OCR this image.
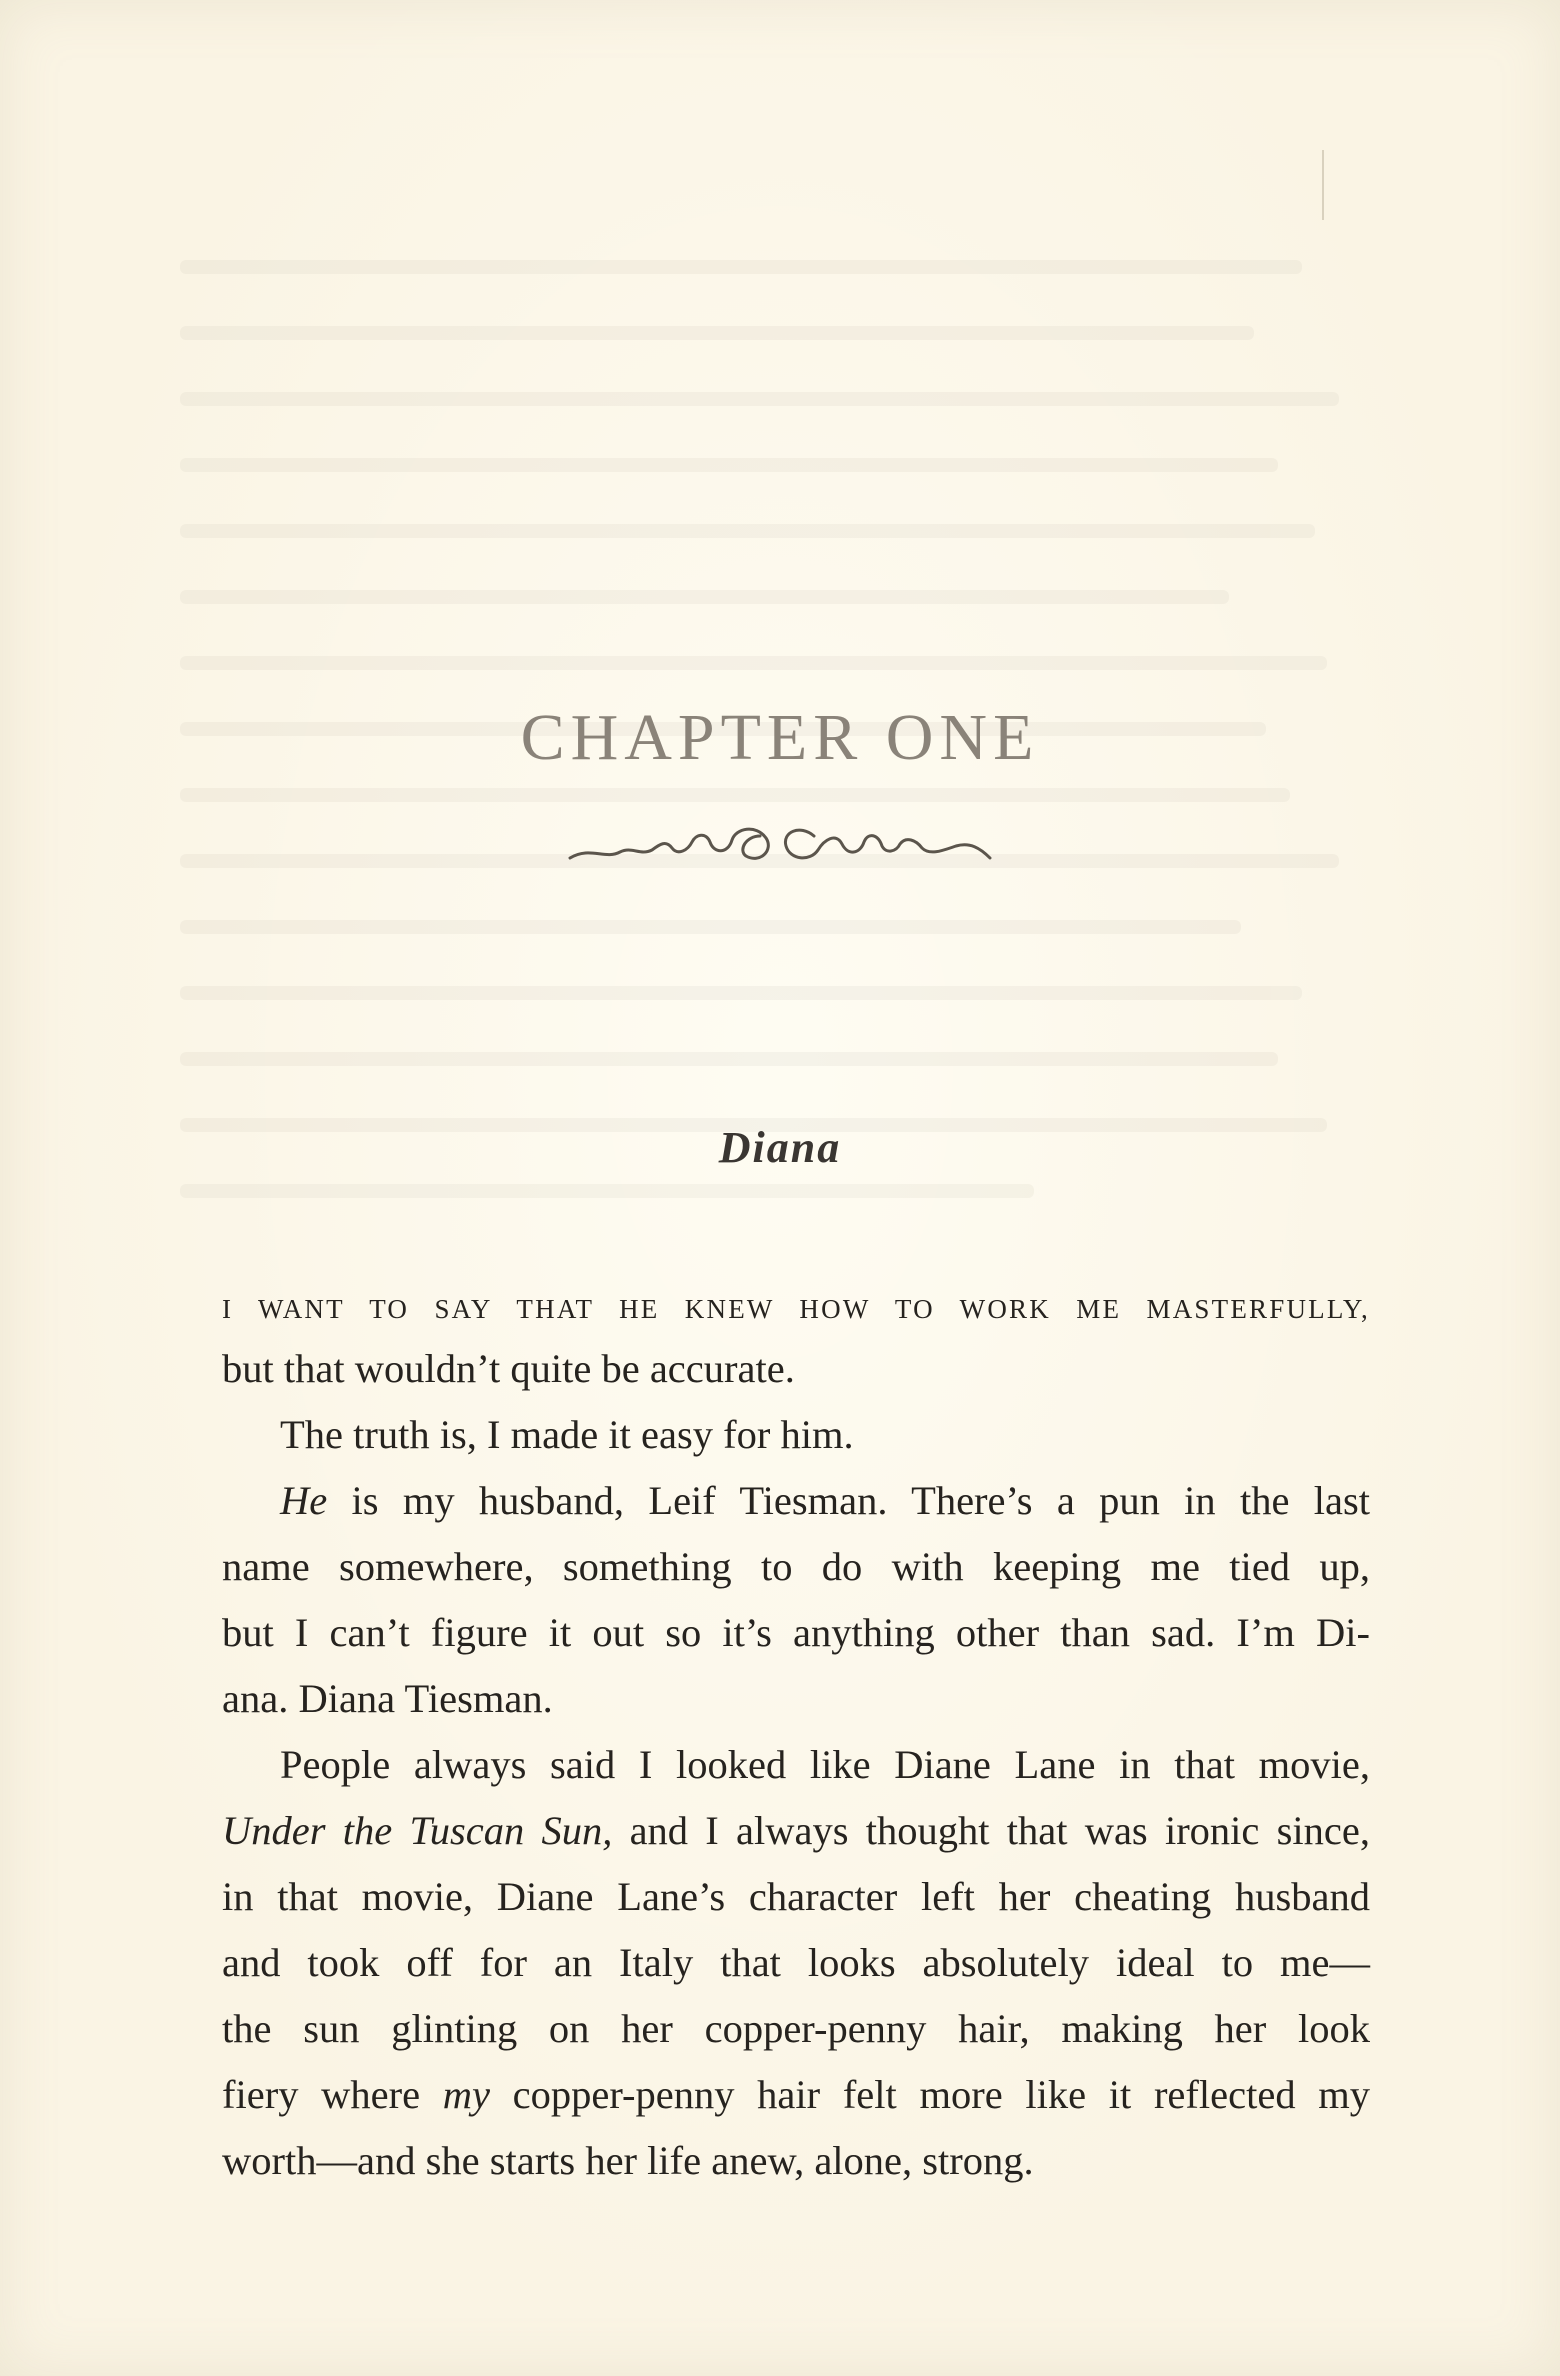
CHAPTER ONE
Diana
I WANT TO SAY THAT HE KNEW HOW TO WORK ME MASTERFULLY,
but that wouldn’t quite be accurate.
The truth is, I made it easy for him.
He is my husband, Leif Tiesman. There’s a pun in the last
name somewhere, something to do with keeping me tied up,
but I can’t figure it out so it’s anything other than sad. I’m Di-
ana. Diana Tiesman.
People always said I looked like Diane Lane in that movie,
Under the Tuscan Sun, and I always thought that was ironic since,
in that movie, Diane Lane’s character left her cheating husband
and took off for an Italy that looks absolutely ideal to me—
the sun glinting on her copper-penny hair, making her look
fiery where my copper-penny hair felt more like it reflected my
worth—and she starts her life anew, alone, strong.
